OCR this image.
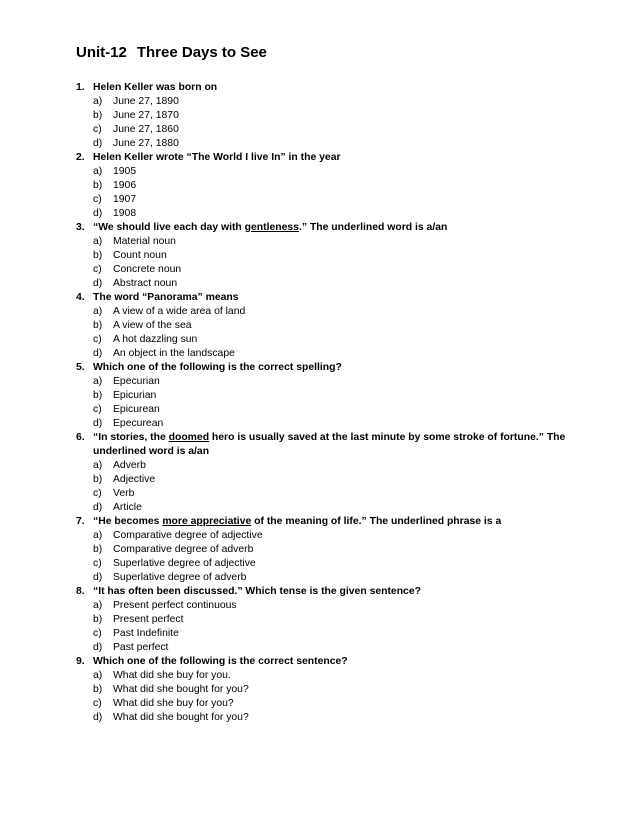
Unit-12 Three Days to See
1. Helen Keller was born on
a) June 27, 1890
b) June 27, 1870
c) June 27, 1860
d) June 27, 1880
2. Helen Keller wrote “The World I live In” in the year
a) 1905
b) 1906
c) 1907
d) 1908
3. “We should live each day with gentleness.” The underlined word is a/an
a) Material noun
b) Count noun
c) Concrete noun
d) Abstract noun
4. The word “Panorama” means
a) A view of a wide area of land
b) A view of the sea
c) A hot dazzling sun
d) An object in the landscape
5. Which one of the following is the correct spelling?
a) Epecurian
b) Epicurian
c) Epicurean
d) Epecurean
6. “In stories, the doomed hero is usually saved at the last minute by some stroke of fortune.” The underlined word is a/an
a) Adverb
b) Adjective
c) Verb
d) Article
7. “He becomes more appreciative of the meaning of life.” The underlined phrase is a
a) Comparative degree of adjective
b) Comparative degree of adverb
c) Superlative degree of adjective
d) Superlative degree of adverb
8. “It has often been discussed.” Which tense is the given sentence?
a) Present perfect continuous
b) Present perfect
c) Past Indefinite
d) Past perfect
9. Which one of the following is the correct sentence?
a) What did she buy for you.
b) What did she bought for you?
c) What did she buy for you?
d) What did she bought for you?
